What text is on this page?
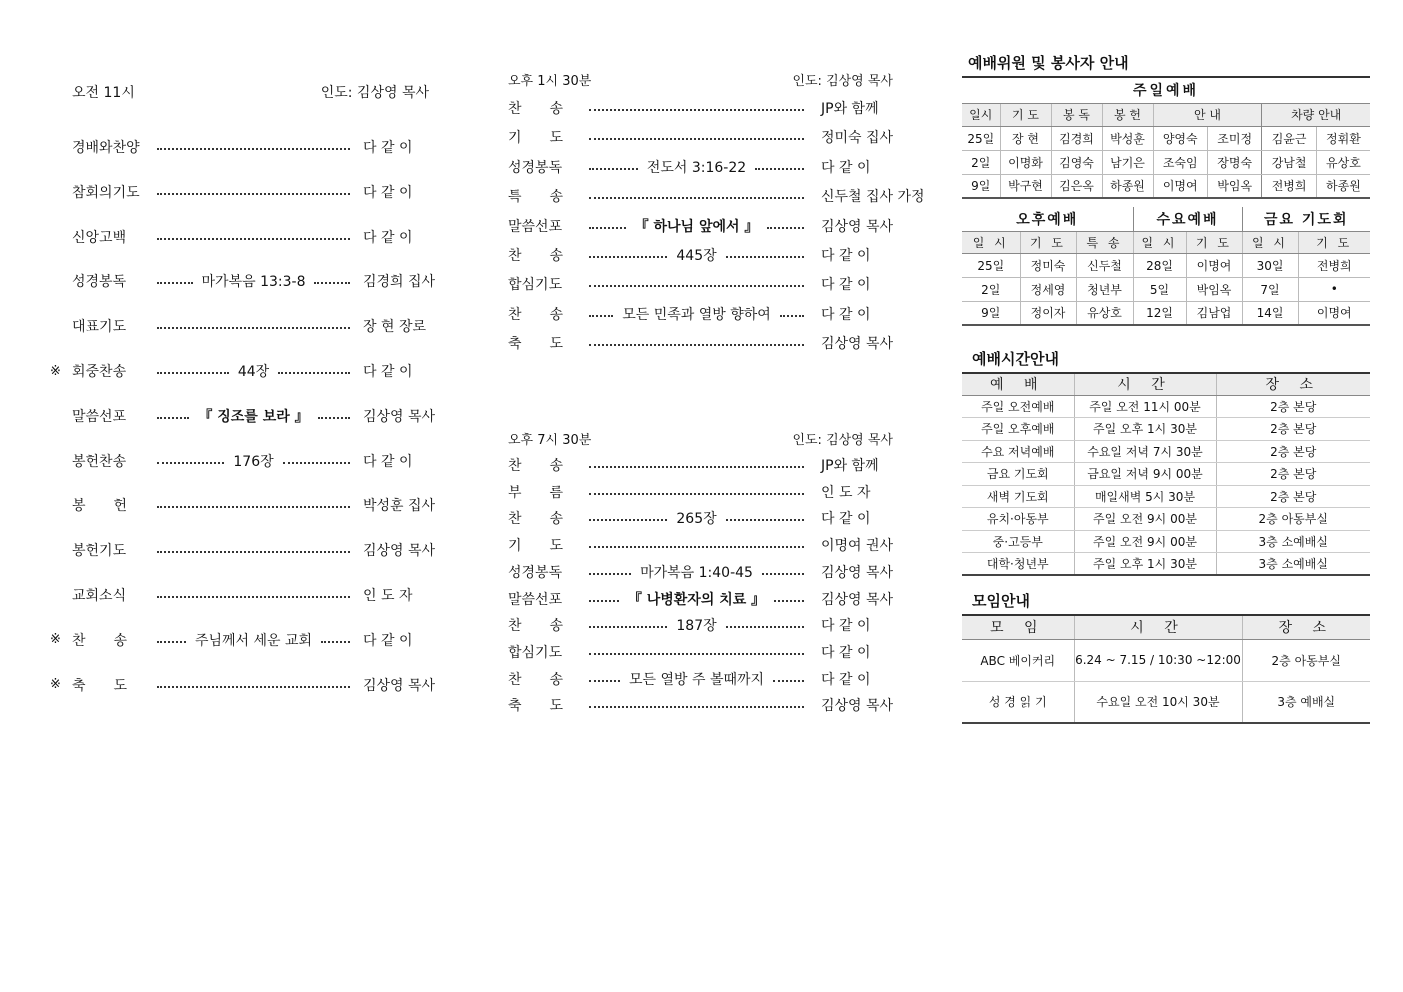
오전 11시	인도: 김상영 목사
경배와찬양	다 같 이
참회의기도	다 같 이
신앙고백	다 같 이
성경봉독	마가복음 13:3-8	김경희 집사
대표기도	장 현 장로
※ 회중찬송	44장	다 같 이
말씀선포	『 징조를 보라 』	김상영 목사
봉헌찬송	176장	다 같 이
봉　　헌	박성훈 집사
봉헌기도	김상영 목사
교회소식	인 도 자
※ 찬　　송	주님께서 세운 교회	다 같 이
※ 축　　도	김상영 목사
오후 1시 30분	인도: 김상영 목사
찬　　송	JP와 함께
기　　도	정미숙 집사
성경봉독	전도서 3:16-22	다 같 이
특　　송	신두철 집사 가정
말씀선포	『 하나님 앞에서 』	김상영 목사
찬　　송	445장	다 같 이
합심기도	다 같 이
찬　　송	모든 민족과 열방 향하여	다 같 이
축　　도	김상영 목사
오후 7시 30분	인도: 김상영 목사
찬　　송	JP와 함께
부　　름	인 도 자
찬　　송	265장	다 같 이
기　　도	이명여 권사
성경봉독	마가복음 1:40-45	김상영 목사
말씀선포	『 나병환자의 치료 』	김상영 목사
찬　　송	187장	다 같 이
합심기도	다 같 이
찬　　송	모든 열방 주 볼때까지	다 같 이
축　　도	김상영 목사
예배위원 및 봉사자 안내
주일예배							
일시	기 도	봉 독	봉 헌	안 내		차량 안내	
25일	장 현	김경희	박성훈	양영숙	조미정	김윤근	정휘환
2일	이명화	김영숙	남기은	조숙임	장명숙	강남철	유상호
9일	박구현	김은옥	하종원	이명여	박임옥	전병희	하종원
오후예배			수요예배		금요 기도회	
일 시	기 도	특 송	일 시	기 도	일 시	기 도
25일	정미숙	신두철	28일	이명여	30일	전병희
2일	정세영	청년부	5일	박임옥	7일	•
9일	정이자	유상호	12일	김남업	14일	이명여
예배시간안내
예 배	시 간	장 소
주일 오전예배	주일 오전 11시 00분	2층 본당
주일 오후예배	주일 오후 1시 30분	2층 본당
수요 저녁예배	수요일 저녁 7시 30분	2층 본당
금요 기도회	금요일 저녁 9시 00분	2층 본당
새벽 기도회	매일새벽 5시 30분	2층 본당
유치·아동부	주일 오전 9시 00분	2층 아동부실
중·고등부	주일 오전 9시 00분	3층 소예배실
대학·청년부	주일 오후 1시 30분	3층 소예배실
모임안내
모 임	시 간	장 소
ABC 베이커리	6.24 ~ 7.15 / 10:30 ~12:00	2층 아동부실
성 경 읽 기	수요일 오전 10시 30분	3층 예배실
